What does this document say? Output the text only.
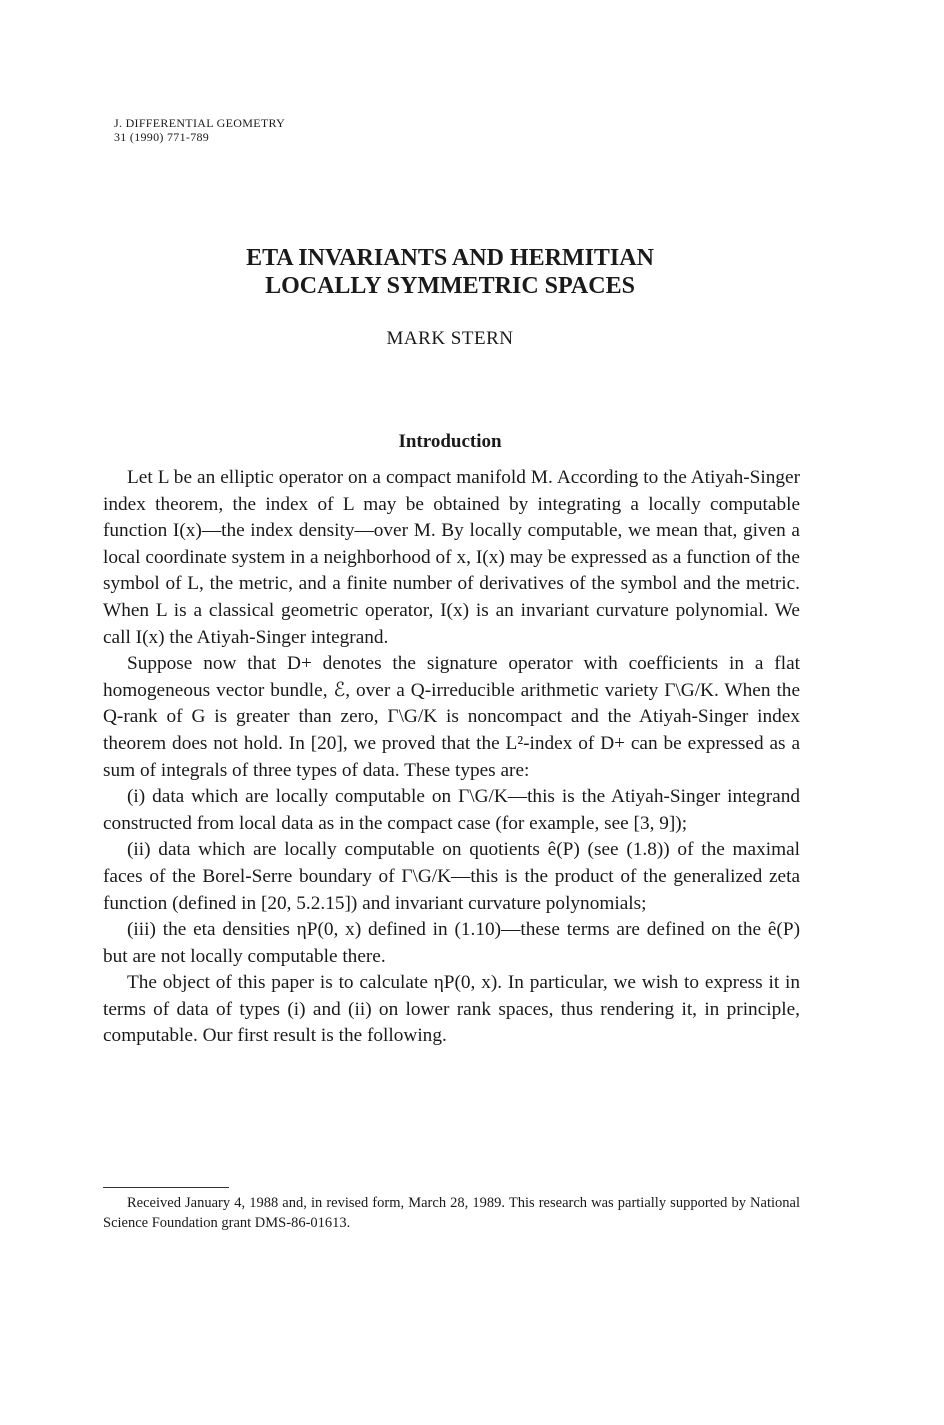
J. DIFFERENTIAL GEOMETRY
31 (1990) 771-789
ETA INVARIANTS AND HERMITIAN
LOCALLY SYMMETRIC SPACES
MARK STERN
Introduction

Let L be an elliptic operator on a compact manifold M. According to the Atiyah-Singer index theorem, the index of L may be obtained by integrating a locally computable function I(x)—the index density—over M. By locally computable, we mean that, given a local coordinate system in a neighborhood of x, I(x) may be expressed as a function of the symbol of L, the metric, and a finite number of derivatives of the symbol and the metric. When L is a classical geometric operator, I(x) is an invariant curvature polynomial. We call I(x) the Atiyah-Singer integrand.

Suppose now that D+ denotes the signature operator with coefficients in a flat homogeneous vector bundle, ℰ, over a Q-irreducible arithmetic variety Γ\G/K. When the Q-rank of G is greater than zero, Γ\G/K is noncompact and the Atiyah-Singer index theorem does not hold. In [20], we proved that the L²-index of D+ can be expressed as a sum of integrals of three types of data. These types are:

(i) data which are locally computable on Γ\G/K—this is the Atiyah-Singer integrand constructed from local data as in the compact case (for example, see [3, 9]);

(ii) data which are locally computable on quotients ê(P) (see (1.8)) of the maximal faces of the Borel-Serre boundary of Γ\G/K—this is the product of the generalized zeta function (defined in [20, 5.2.15]) and invariant curvature polynomials;

(iii) the eta densities ηP(0, x) defined in (1.10)—these terms are defined on the ê(P) but are not locally computable there.

The object of this paper is to calculate ηP(0, x). In particular, we wish to express it in terms of data of types (i) and (ii) on lower rank spaces, thus rendering it, in principle, computable. Our first result is the following.

Received January 4, 1988 and, in revised form, March 28, 1989. This research was partially supported by National Science Foundation grant DMS-86-01613.
